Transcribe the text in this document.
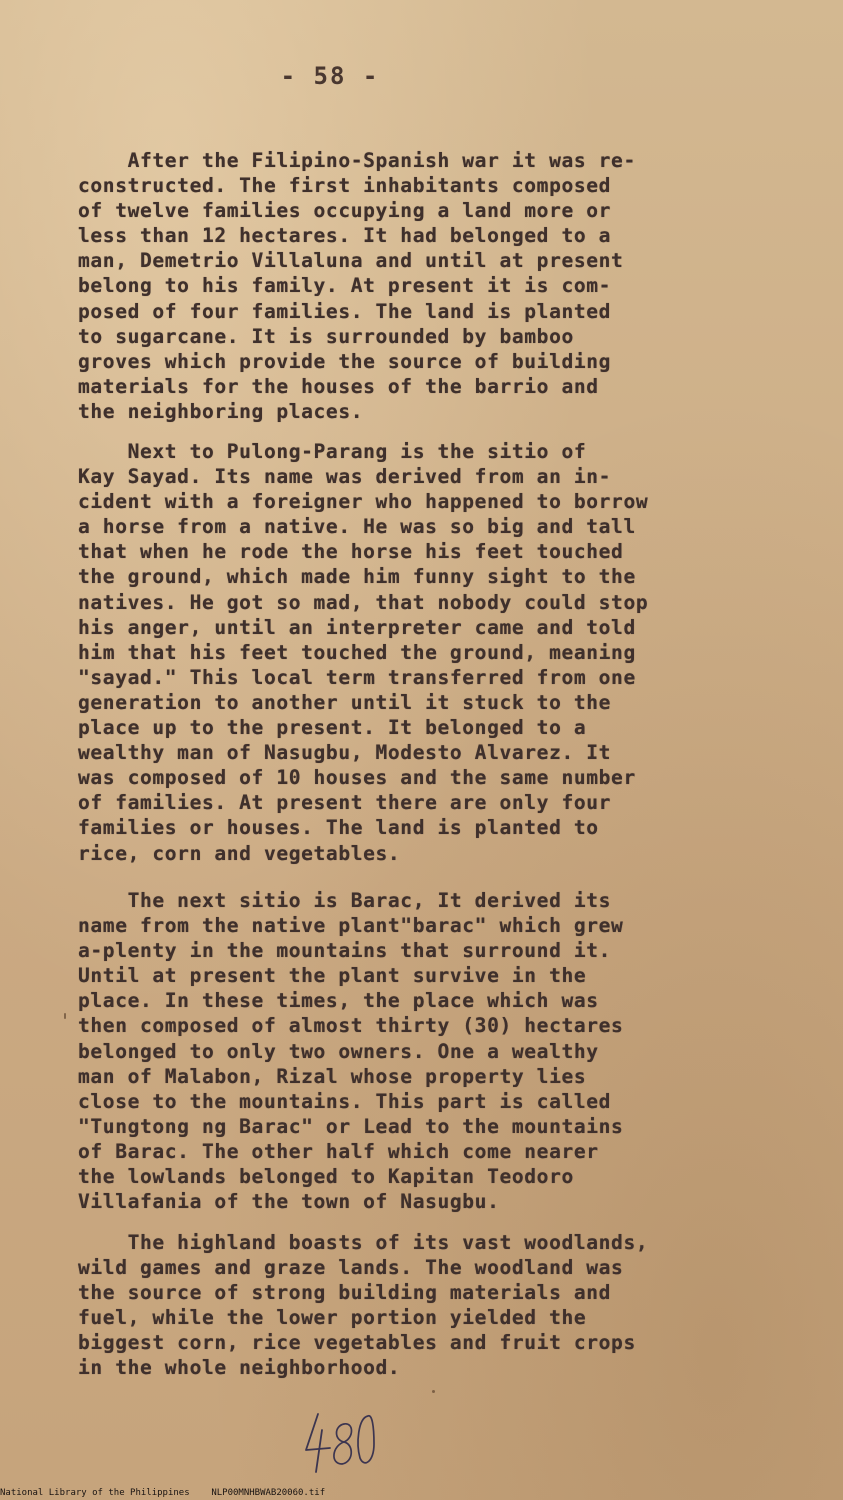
- 58 -
After the Filipino-Spanish war it was re-
constructed. The first inhabitants composed
of twelve families occupying a land more or
less than 12 hectares. It had belonged to a
man, Demetrio Villaluna and until at present
belong to his family. At present it is com-
posed of four families. The land is planted
to sugarcane. It is surrounded by bamboo
groves which provide the source of building
materials for the houses of the barrio and
the neighboring places.
Next to Pulong-Parang is the sitio of
Kay Sayad. Its name was derived from an in-
cident with a foreigner who happened to borrow
a horse from a native. He was so big and tall
that when he rode the horse his feet touched
the ground, which made him funny sight to the
natives. He got so mad, that nobody could stop
his anger, until an interpreter came and told
him that his feet touched the ground, meaning
"sayad." This local term transferred from one
generation to another until it stuck to the
place up to the present. It belonged to a
wealthy man of Nasugbu, Modesto Alvarez. It
was composed of 10 houses and the same number
of families. At present there are only four
families or houses. The land is planted to
rice, corn and vegetables.
The next sitio is Barac, It derived its
name from the native plant"barac" which grew
a-plenty in the mountains that surround it.
Until at present the plant survive in the
place. In these times, the place which was
then composed of almost thirty (30) hectares
belonged to only two owners. One a wealthy
man of Malabon, Rizal whose property lies
close to the mountains. This part is called
"Tungtong ng Barac" or Lead to the mountains
of Barac. The other half which come nearer
the lowlands belonged to Kapitan Teodoro
Villafania of the town of Nasugbu.
The highland boasts of its vast woodlands,
wild games and graze lands. The woodland was
the source of strong building materials and
fuel, while the lower portion yielded the
biggest corn, rice vegetables and fruit crops
in the whole neighborhood.
National Library of the Philippines    NLP00MNHBWAB20060.tif
